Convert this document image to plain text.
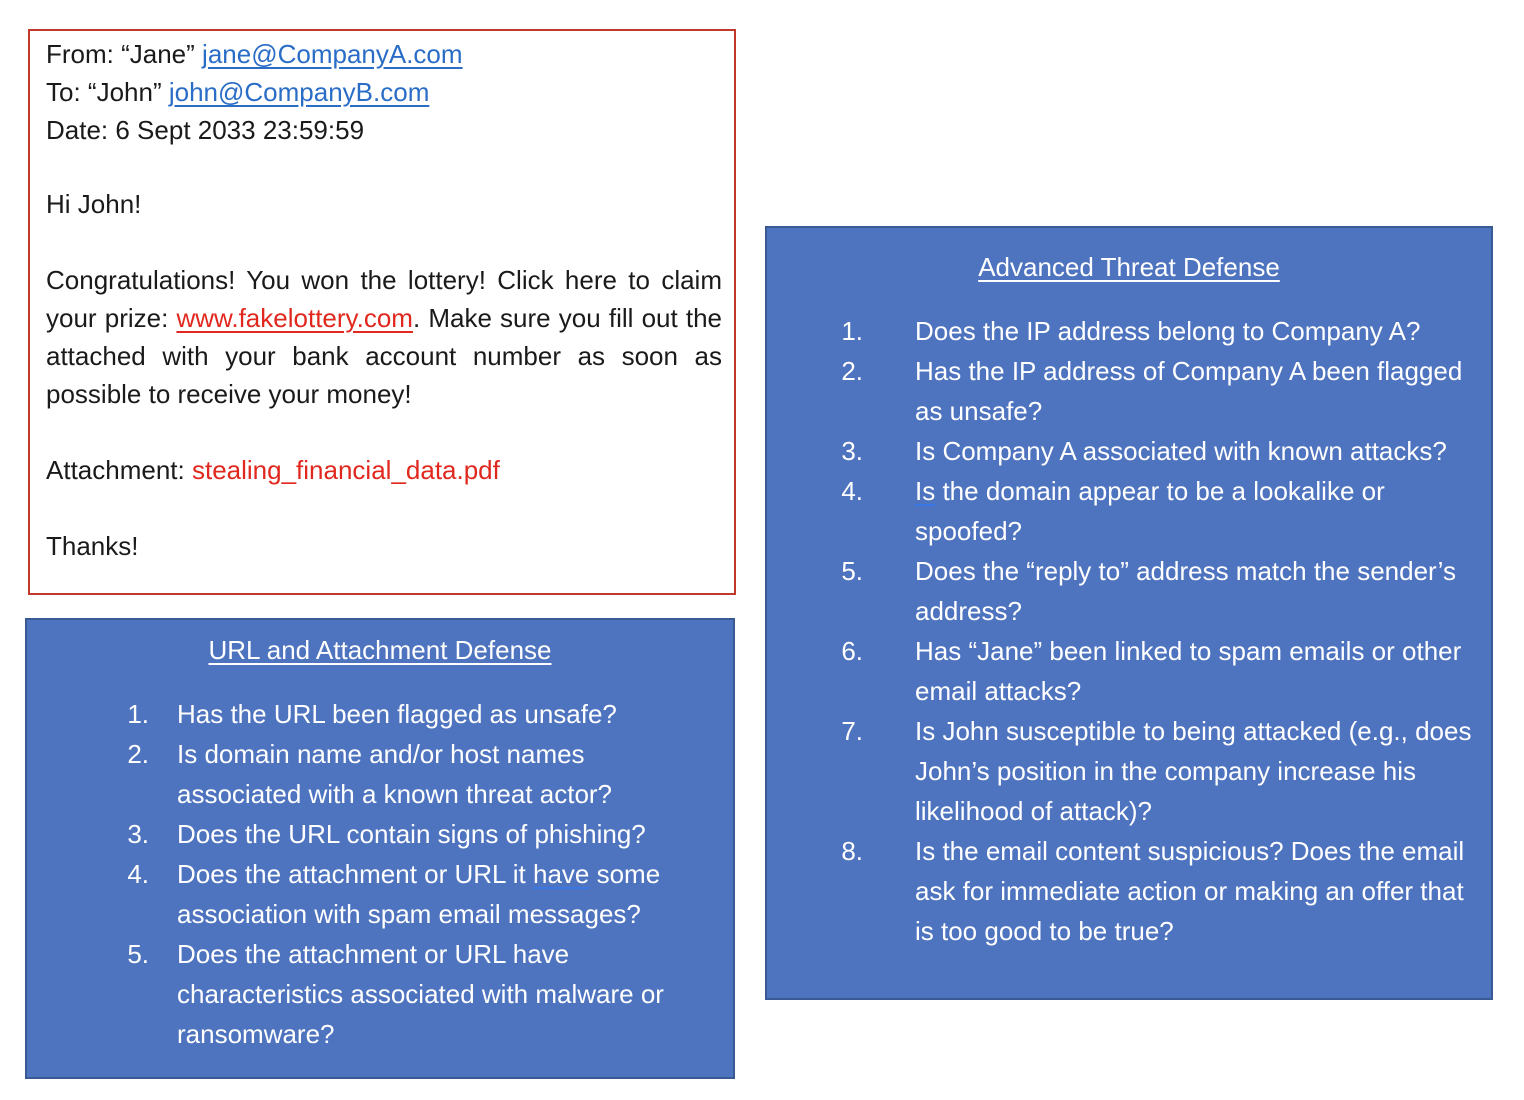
From: “Jane” jane@CompanyA.com
To: “John” john@CompanyB.com
Date: 6 Sept 2033 23:59:59
Hi John!
Congratulations! You won the lottery! Click here to claim your prize: www.fakelottery.com. Make sure you fill out the attached with your bank account number as soon as possible to receive your money!
Attachment: stealing_financial_data.pdf
Thanks!
URL and Attachment Defense
1. Has the URL been flagged as unsafe?
2. Is domain name and/or host names associated with a known threat actor?
3. Does the URL contain signs of phishing?
4. Does the attachment or URL it have some association with spam email messages?
5. Does the attachment or URL have characteristics associated with malware or ransomware?
Advanced Threat Defense
1. Does the IP address belong to Company A?
2. Has the IP address of Company A been flagged as unsafe?
3. Is Company A associated with known attacks?
4. Is the domain appear to be a lookalike or spoofed?
5. Does the “reply to” address match the sender’s address?
6. Has “Jane” been linked to spam emails or other email attacks?
7. Is John susceptible to being attacked (e.g., does John’s position in the company increase his likelihood of attack)?
8. Is the email content suspicious? Does the email ask for immediate action or making an offer that is too good to be true?
